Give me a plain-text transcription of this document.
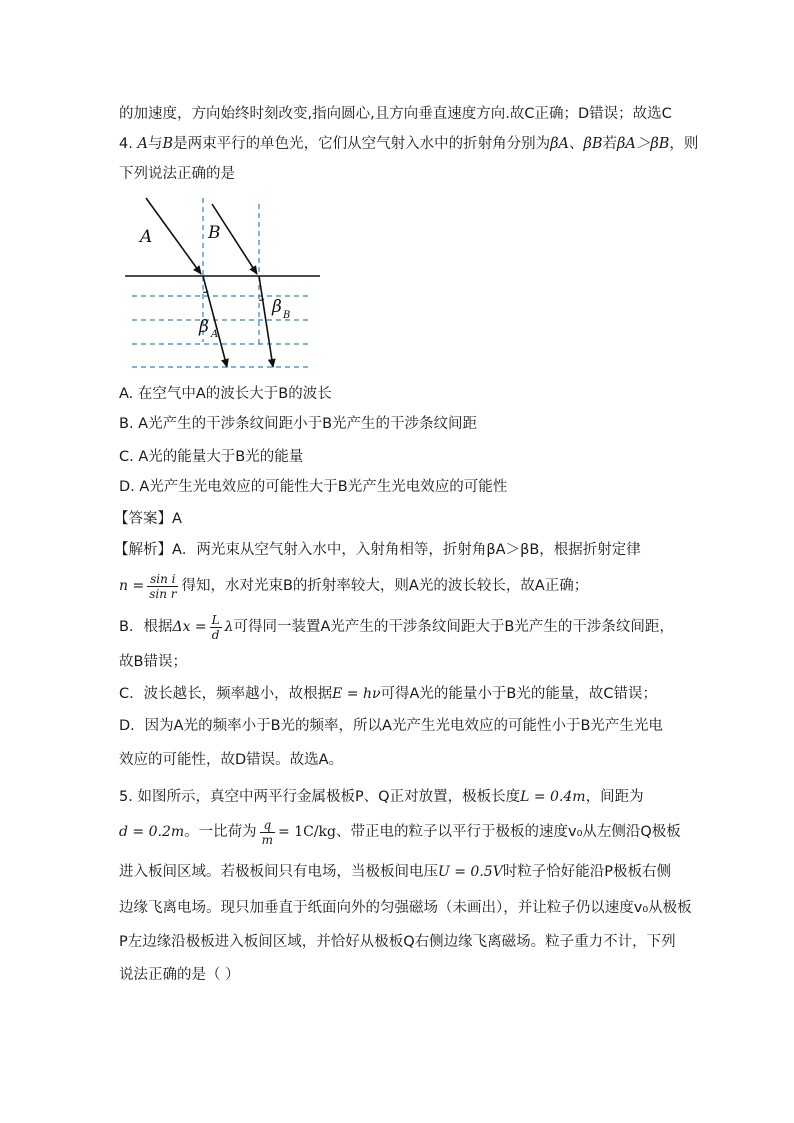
的加速度，方向始终时刻改变,指向圆心,且方向垂直速度方向.故C正确；D错误；故选C
4. A与B是两束平行的单色光，它们从空气射入水中的折射角分别为βA、βB若βA＞βB，则
下列说法正确的是
A	B
β A
β B
A. 在空气中A的波长大于B的波长
B. A光产生的干涉条纹间距小于B光产生的干涉条纹间距
C. A光的能量大于B光的能量
D. A光产生光电效应的可能性大于B光产生光电效应的可能性
【答案】A
【解析】A．两光束从空气射入水中，入射角相等，折射角βA＞βB，根据折射定律
$n = \frac{\text{sin i}}{\text{sin r}}$ 得知，水对光束B的折射率较大，则A光的波长较长，故A正确；
B．根据$\Delta x = \frac{L}{d}$ λ可得同一装置A光产生的干涉条纹间距大于B光产生的干涉条纹间距，
故B错误；
C．波长越长，频率越小，故根据E = hν可得A光的能量小于B光的能量，故C错误；
D．因为A光的频率小于B光的频率，所以A光产生光电效应的可能性小于B光产生光电
效应的可能性，故D错误。故选A。
5. 如图所示，真空中两平行金属极板P、Q正对放置，极板长度L = 0.4m，间距为
d = 0.2m。一比荷为 $\frac{q}{m} = 1C/kg$、带正电的粒子以平行于极板的速度v₀从左侧沿Q极板
进入板间区域。若极板间只有电场，当极板间电压U = 0.5V时粒子恰好能沿P极板右侧
边缘飞离电场。现只加垂直于纸面向外的匀强磁场（未画出），并让粒子仍以速度v₀从极板
P左边缘沿极板进入板间区域，并恰好从极板Q右侧边缘飞离磁场。粒子重力不计，下列
说法正确的是（ ）
